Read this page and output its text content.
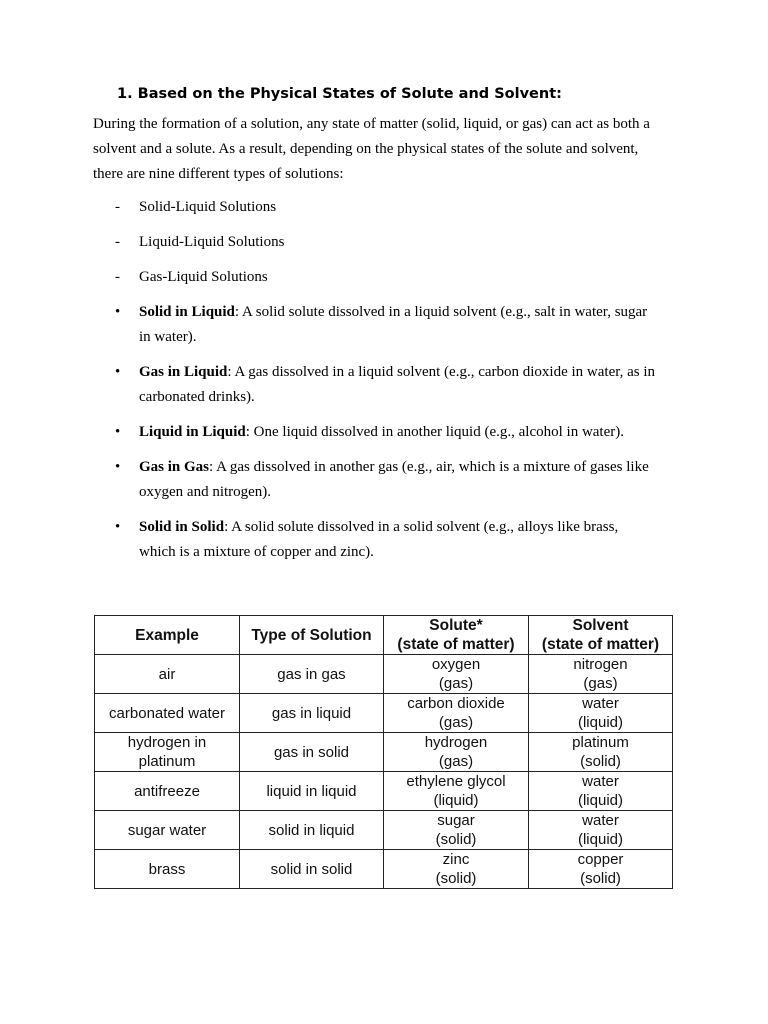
1. Based on the Physical States of Solute and Solvent:

During the formation of a solution, any state of matter (solid, liquid, or gas) can act as both a

solvent and a solute. As a result, depending on the physical states of the solute and solvent,

there are nine different types of solutions:

- Solid-Liquid Solutions
- Liquid-Liquid Solutions
- Gas-Liquid Solutions
• Solid in Liquid: A solid solute dissolved in a liquid solvent (e.g., salt in water, sugar
in water).
• Gas in Liquid: A gas dissolved in a liquid solvent (e.g., carbon dioxide in water, as in
carbonated drinks).
• Liquid in Liquid: One liquid dissolved in another liquid (e.g., alcohol in water).
• Gas in Gas: A gas dissolved in another gas (e.g., air, which is a mixture of gases like
oxygen and nitrogen).
• Solid in Solid: A solid solute dissolved in a solid solvent (e.g., alloys like brass,
which is a mixture of copper and zinc).
Example	Type of Solution	Solute*
(state of matter)	Solvent
(state of matter)

air	gas in gas	oxygen
(gas)	nitrogen
(gas)

carbonated water	gas in liquid	carbon dioxide
(gas)	water
(liquid)

hydrogen in
platinum	gas in solid	hydrogen
(gas)	platinum
(solid)

antifreeze	liquid in liquid	ethylene glycol
(liquid)	water
(liquid)

sugar water	solid in liquid	sugar
(solid)	water
(liquid)

brass	solid in solid	zinc
(solid)	copper
(solid)
